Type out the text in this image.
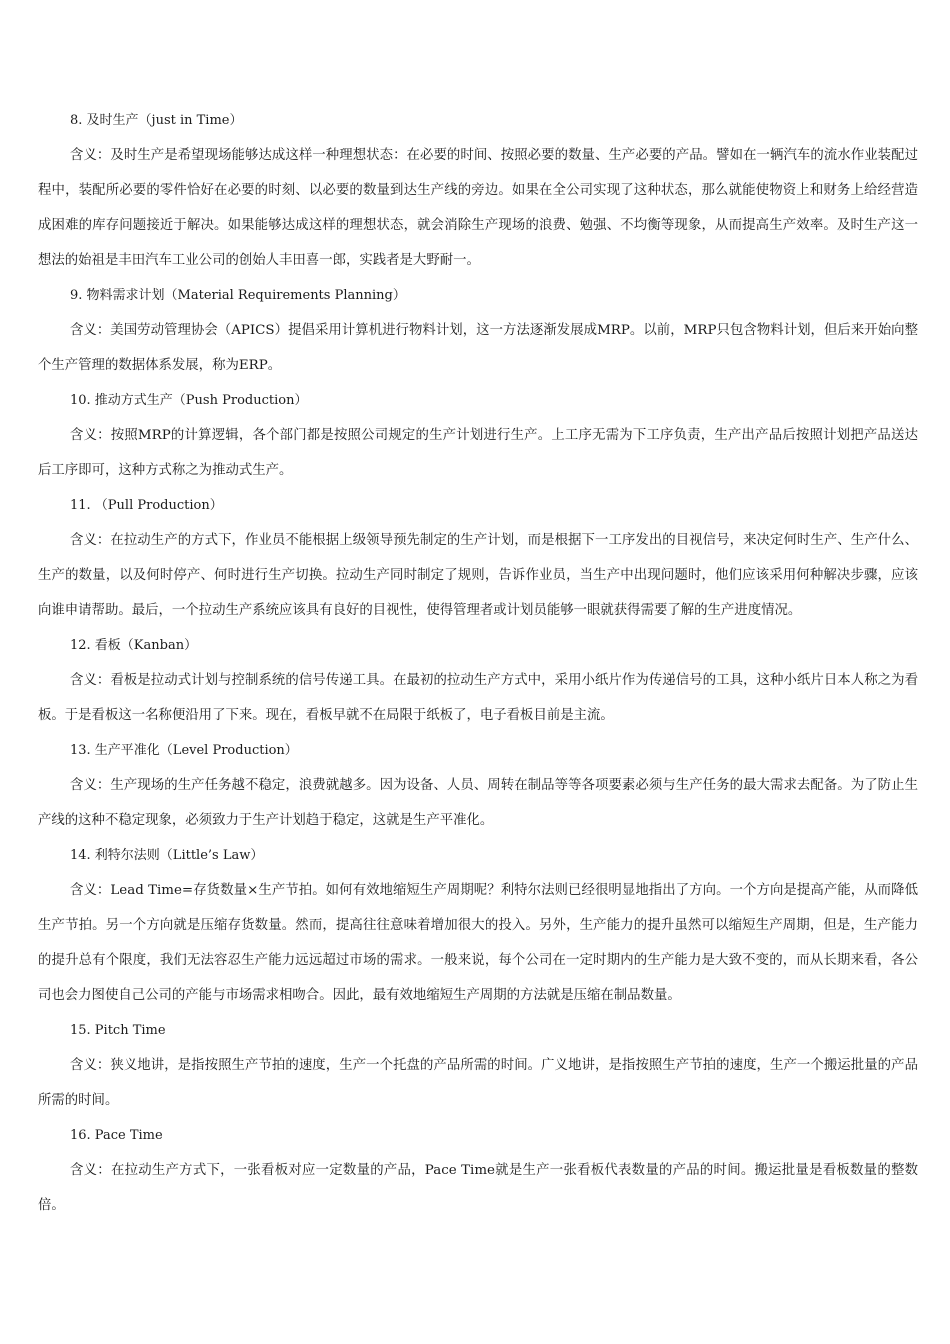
8. 及时生产（just in Time）

含义：及时生产是希望现场能够达成这样一种理想状态：在必要的时间、按照必要的数量、生产必要的产品。譬如在一辆汽车的流水作业装配过程中，装配所必要的零件恰好在必要的时刻、以必要的数量到达生产线的旁边。如果在全公司实现了这种状态，那么就能使物资上和财务上给经营造成困难的库存问题接近于解决。如果能够达成这样的理想状态，就会消除生产现场的浪费、勉强、不均衡等现象，从而提高生产效率。及时生产这一想法的始祖是丰田汽车工业公司的创始人丰田喜一郎，实践者是大野耐一。

9. 物料需求计划（Material Requirements Planning）

含义：美国劳动管理协会（APICS）提倡采用计算机进行物料计划，这一方法逐渐发展成MRP。以前，MRP只包含物料计划，但后来开始向整个生产管理的数据体系发展，称为ERP。

10. 推动方式生产（Push Production）

含义：按照MRP的计算逻辑，各个部门都是按照公司规定的生产计划进行生产。上工序无需为下工序负责，生产出产品后按照计划把产品送达后工序即可，这种方式称之为推动式生产。

11. （Pull Production）

含义：在拉动生产的方式下，作业员不能根据上级领导预先制定的生产计划，而是根据下一工序发出的目视信号，来决定何时生产、生产什么、生产的数量，以及何时停产、何时进行生产切换。拉动生产同时制定了规则，告诉作业员，当生产中出现问题时，他们应该采用何种解决步骤，应该向谁申请帮助。最后，一个拉动生产系统应该具有良好的目视性，使得管理者或计划员能够一眼就获得需要了解的生产进度情况。

12. 看板（Kanban）

含义：看板是拉动式计划与控制系统的信号传递工具。在最初的拉动生产方式中，采用小纸片作为传递信号的工具，这种小纸片日本人称之为看板。于是看板这一名称便沿用了下来。现在，看板早就不在局限于纸板了，电子看板目前是主流。

13. 生产平准化（Level Production）

含义：生产现场的生产任务越不稳定，浪费就越多。因为设备、人员、周转在制品等等各项要素必须与生产任务的最大需求去配备。为了防止生产线的这种不稳定现象，必须致力于生产计划趋于稳定，这就是生产平准化。

14. 利特尔法则（Little’s Law）

含义：Lead Time=存货数量×生产节拍。如何有效地缩短生产周期呢？利特尔法则已经很明显地指出了方向。一个方向是提高产能，从而降低生产节拍。另一个方向就是压缩存货数量。然而，提高往往意味着增加很大的投入。另外，生产能力的提升虽然可以缩短生产周期，但是，生产能力的提升总有个限度，我们无法容忍生产能力远远超过市场的需求。一般来说，每个公司在一定时期内的生产能力是大致不变的，而从长期来看，各公司也会力图使自己公司的产能与市场需求相吻合。因此，最有效地缩短生产周期的方法就是压缩在制品数量。

15. Pitch Time

含义：狭义地讲，是指按照生产节拍的速度，生产一个托盘的产品所需的时间。广义地讲，是指按照生产节拍的速度，生产一个搬运批量的产品所需的时间。

16. Pace Time

含义：在拉动生产方式下，一张看板对应一定数量的产品，Pace Time就是生产一张看板代表数量的产品的时间。搬运批量是看板数量的整数倍。
